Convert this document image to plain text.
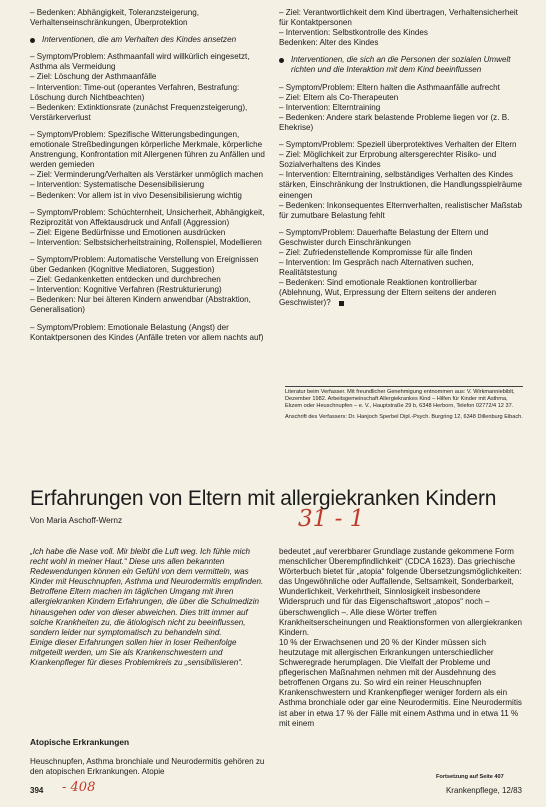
– Bedenken: Abhängigkeit, Toleranzsteigerung, Verhaltenseinschränkungen, Überprotektion
Interventionen, die am Verhalten des Kindes ansetzen
– Symptom/Problem: Asthmaanfall wird willkürlich eingesetzt, Asthma als Vermeidung
– Ziel: Löschung der Asthmaanfälle
– Intervention: Time-out (operantes Verfahren, Bestrafung: Löschung durch Nichtbeachten)
– Bedenken: Extinktionsrate (zunächst Frequenzsteigerung), Verstärkerverlust
– Symptom/Problem: Spezifische Witterungsbedingungen, emotionale Streßbedingungen körperliche Merkmale, körperliche Anstrengung, Konfrontation mit Allergenen führen zu Anfällen und werden gemieden
– Ziel: Verminderung/Verhalten als Verstärker unmöglich machen
– Intervention: Systematische Desensibilisierung
– Bedenken: Vor allem ist in vivo Desensibilisierung wichtig
– Symptom/Problem: Schüchternheit, Unsicherheit, Abhängigkeit, Reziprozität von Affektausdruck und Anfall (Aggression)
– Ziel: Eigene Bedürfnisse und Emotionen ausdrücken
– Intervention: Selbstsicherheitstraining, Rollenspiel, Modellieren
– Symptom/Problem: Automatische Verstellung von Ereignissen über Gedanken (Kognitive Mediatoren, Suggestion)
– Ziel: Gedankenketten entdecken und durchbrechen
– Intervention: Kognitive Verfahren (Restrukturierung)
– Bedenken: Nur bei älteren Kindern anwendbar (Abstraktion, Generalisation)
– Symptom/Problem: Emotionale Belastung (Angst) der Kontaktpersonen des Kindes (Anfälle treten vor allem nachts auf)
– Ziel: Verantwortlichkeit dem Kind übertragen, Verhaltensicherheit für Kontaktpersonen
– Intervention: Selbstkontrolle des Kindes
Bedenken: Alter des Kindes
Interventionen, die sich an die Personen der sozialen Umwelt richten und die Interaktion mit dem Kind beeinflussen
– Symptom/Problem: Eltern halten die Asthmaanfälle aufrecht
– Ziel: Eltern als Co-Therapeuten
– Intervention: Elterntraining
– Bedenken: Andere stark belastende Probleme liegen vor (z. B. Ehekrise)
– Symptom/Problem: Speziell überprotektives Verhalten der Eltern
– Ziel: Möglichkeit zur Erprobung altersgerechter Risiko- und Sozialverhaltens des Kindes
– Intervention: Elterntraining, selbständiges Verhalten des Kindes stärken, Einschränkung der Instruktionen, die Handlungsspielräume einengen
– Bedenken: Inkonsequentes Elternverhalten, realistischer Maßstab für zumutbare Belastung fehlt
– Symptom/Problem: Dauerhafte Belastung der Eltern und Geschwister durch Einschränkungen
– Ziel: Zufriedenstellende Kompromisse für alle finden
– Intervention: Im Gespräch nach Alternativen suchen, Realitätstestung
– Bedenken: Sind emotionale Reaktionen kontrollierbar (Ablehnung, Wut, Erpressung der Eltern seitens der anderen Geschwister)?

Literatur beim Verfasser. Mit freundlicher Genehmigung entnommen aus: V. Wirkmanniebiblt, Dezember 1982. Arbeitsgemeinschaft Allergiekrankes Kind – Hilfen für Kinder mit Asthma, Ekzem oder Heuschnupfen – e. V., Hauptstraße 29 b, 6348 Herborn, Telefon 02772/4 12 37.

Anschrift des Verfassers: Dr. Hanjoch Sperbel Dipl.-Psych. Burgring 12, 6348 Dillenburg Eibach.

Erfahrungen von Eltern mit allergiekranken Kindern
Von Maria Aschoff-Wernz	31 - 1

„Ich habe die Nase voll. Mir bleibt die Luft weg. Ich fühle mich recht wohl in meiner Haut.“ Diese uns allen bekannten Redewendungen können ein Gefühl von dem vermitteln, was Kinder mit Heuschnupfen, Asthma und Neurodermitis empfinden.
Betroffene Eltern machen im täglichen Umgang mit ihren allergiekranken Kindern Erfahrungen, die über die Schulmedizin hinausgehen oder von dieser abweichen. Dies tritt immer auf solche Krankheiten zu, die ätiologisch nicht zu beeinflussen, sondern leider nur symptomatisch zu behandeln sind.
Einige dieser Erfahrungen sollen hier in loser Reihenfolge mitgeteilt werden, um Sie als Krankenschwestern und Krankenpfleger für dieses Problemkreis zu „sensibilisieren“.

Atopische Erkrankungen

Heuschnupfen, Asthma bronchiale und Neurodermitis gehören zu den atopischen Erkrankungen. Atopie

bedeutet „auf vererbbarer Grundlage zustande gekommene Form menschlicher Überempfindlichkeit“ (CDCA 1623). Das griechische Wörterbuch bietet für „atopia“ folgende Übersetzungsmöglichkeiten: das Ungewöhnliche oder Auffallende, Seltsamkeit, Sonderbarkeit, Wunderlichkeit, Verkehrtheit, Sinnlosigkeit insbesondere Widerspruch und für das Eigenschaftswort „atopos“ noch – überschwenglich –. Alle diese Wörter treffen Krankheitserscheinungen und Reaktionsformen von allergiekranken Kindern.
10 % der Erwachsenen und 20 % der Kinder müssen sich heutzutage mit allergischen Erkrankungen unterschiedlicher Schweregrade herumplagen. Die Vielfalt der Probleme und pflegerischen Maßnahmen nehmen mit der Ausdehnung des betroffenen Organs zu. So wird ein reiner Heuschnupfen Krankenschwestern und Krankenpfleger weniger fordern als ein Asthma bronchiale oder gar eine Neurodermitis. Eine Neurodermitis ist aber in etwa 17 % der Fälle mit einem Asthma und in etwa 11 % mit einem

Fortsetzung auf Seite 407
394 - 408	Krankenpflege, 12/83
